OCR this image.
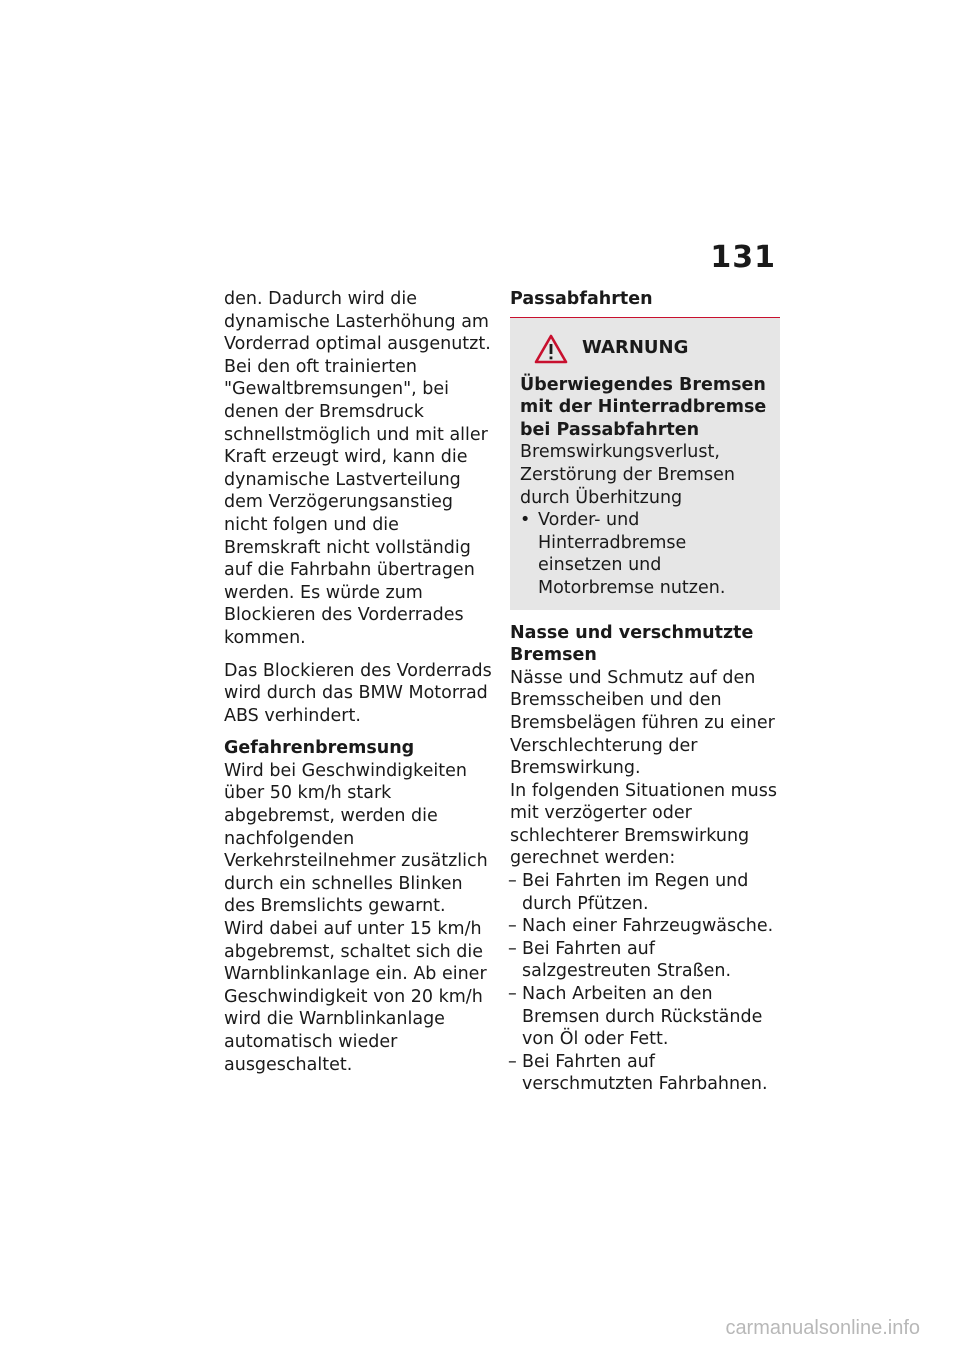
131

den. Dadurch wird die dynamische Lasterhöhung am Vorderrad optimal ausgenutzt. Bei den oft trainierten "Gewaltbremsungen", bei denen der Bremsdruck schnellstmöglich und mit aller Kraft erzeugt wird, kann die dynamische Lastverteilung dem Verzögerungsanstieg nicht folgen und die Bremskraft nicht vollständig auf die Fahrbahn übertragen werden. Es würde zum Blockieren des Vorderrades kommen.

Das Blockieren des Vorderrads wird durch das BMW Motorrad ABS verhindert.

Gefahrenbremsung

Wird bei Geschwindigkeiten über 50 km/h stark abgebremst, werden die nachfolgenden Verkehrsteilnehmer zusätzlich durch ein schnelles Blinken des Bremslichts gewarnt.

Wird dabei auf unter 15 km/h abgebremst, schaltet sich die Warnblinkanlage ein. Ab einer Geschwindigkeit von 20 km/h wird die Warnblinkanlage automatisch wieder ausgeschaltet.

Passabfahrten
WARNUNG

Überwiegendes Bremsen mit der Hinterradbremse bei Passabfahrten

Bremswirkungsverlust, Zerstörung der Bremsen durch Überhitzung

• Vorder- und Hinterradbremse einsetzen und Motorbremse nutzen.
Nasse und verschmutzte Bremsen

Nässe und Schmutz auf den Bremsscheiben und den Bremsbelägen führen zu einer Verschlechterung der Bremswirkung.

In folgenden Situationen muss mit verzögerter oder schlechterer Bremswirkung gerechnet werden:

– Bei Fahrten im Regen und durch Pfützen.
– Nach einer Fahrzeugwäsche.
– Bei Fahrten auf salzgestreuten Straßen.
– Nach Arbeiten an den Bremsen durch Rückstände von Öl oder Fett.
– Bei Fahrten auf verschmutzten Fahrbahnen.
carmanualsonline.info
